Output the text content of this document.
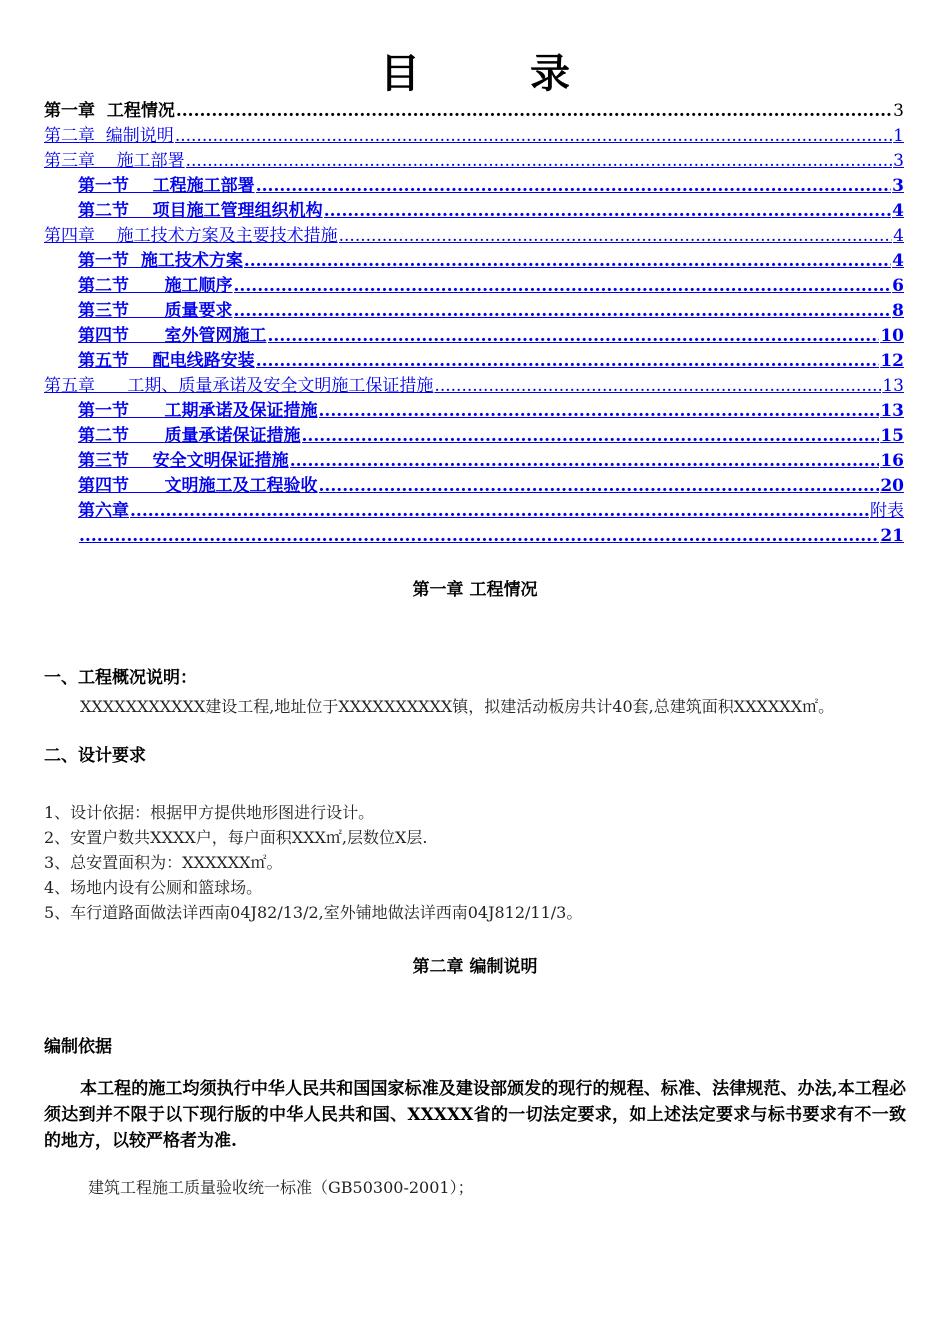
目 录
第一章  工程情况 .....	3
第二章  编制说明 .....	1
第三章    施工部署 .....	3
第一节    工程施工部署 .....	3
第二节    项目施工管理组织机构 .....	4
第四章    施工技术方案及主要技术措施 .....	4
第一节  施工技术方案 .....	4
第二节      施工顺序 .....	6
第三节      质量要求 .....	8
第四节      室外管网施工 .....	10
第五节    配电线路安装 .....	12
第五章      工期、质量承诺及安全文明施工保证措施 .....	13
第一节      工期承诺及保证措施 .....	13
第二节      质量承诺保证措施 .....	15
第三节    安全文明保证措施 .....	16
第四节      文明施工及工程验收 .....	20
第六章 .....	附表
.....
21
第一章 工程情况
一、工程概况说明：
XXXXXXXXXXX建设工程,地址位于XXXXXXXXXX镇，拟建活动板房共计40套,总建筑面积XXXXXX㎡。
二、设计要求
1、设计依据：根据甲方提供地形图进行设计。
2、安置户数共XXXX户，每户面积XXX㎡,层数位X层.
3、总安置面积为：XXXXXX㎡。
4、场地内设有公厕和篮球场。
5、车行道路面做法详西南04J82/13/2,室外铺地做法详西南04J812/11/3。
第二章 编制说明
编制依据
本工程的施工均须执行中华人民共和国国家标准及建设部颁发的现行的规程、标准、法律规范、办法,本工程必须达到并不限于以下现行版的中华人民共和国、XXXXX省的一切法定要求，如上述法定要求与标书要求有不一致的地方，以较严格者为准.
建筑工程施工质量验收统一标准（GB50300-2001）；
